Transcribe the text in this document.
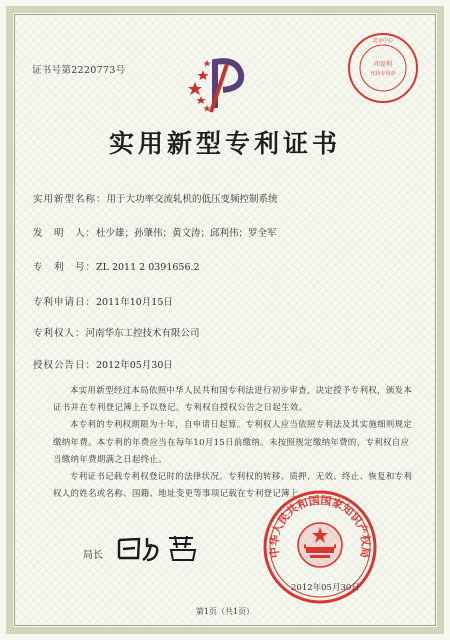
证书号第2220773号
印发利
代码专用章
北京中心
实用新型专利证书
实用新型名称：用于大功率交流轧机的低压变频控制系统
发　明　人：杜少雄；孙肇伟；黄文涛；邱利伟；罗全军
专　利　号：ZL 2011 2 0391656.2
专利申请日：2011年10月15日
专利权人：河南华东工控技术有限公司
授权公告日：2012年05月30日

本实用新型经过本局依照中华人民共和国专利法进行初步审查，决定授予专利权，颁发本证书并在专利登记簿上予以登记。专利权自授权公告之日起生效。

本专利的专利权期限为十年，自申请日起算。专利权人应当依照专利法及其实施细则规定缴纳年费。本专利的年费应当在每年10月15日前缴纳。未按照规定缴纳年费的，专利权自应当缴纳年费期满之日起终止。

专利证书记载专利权登记时的法律状况。专利权的转移、质押、无效、终止、恢复和专利权人的姓名或名称、国籍、地址变更等事项记载在专利登记簿上。

局长	中华人民共和国国家知识产权局
2012年05月30日
第1页（共1页）
